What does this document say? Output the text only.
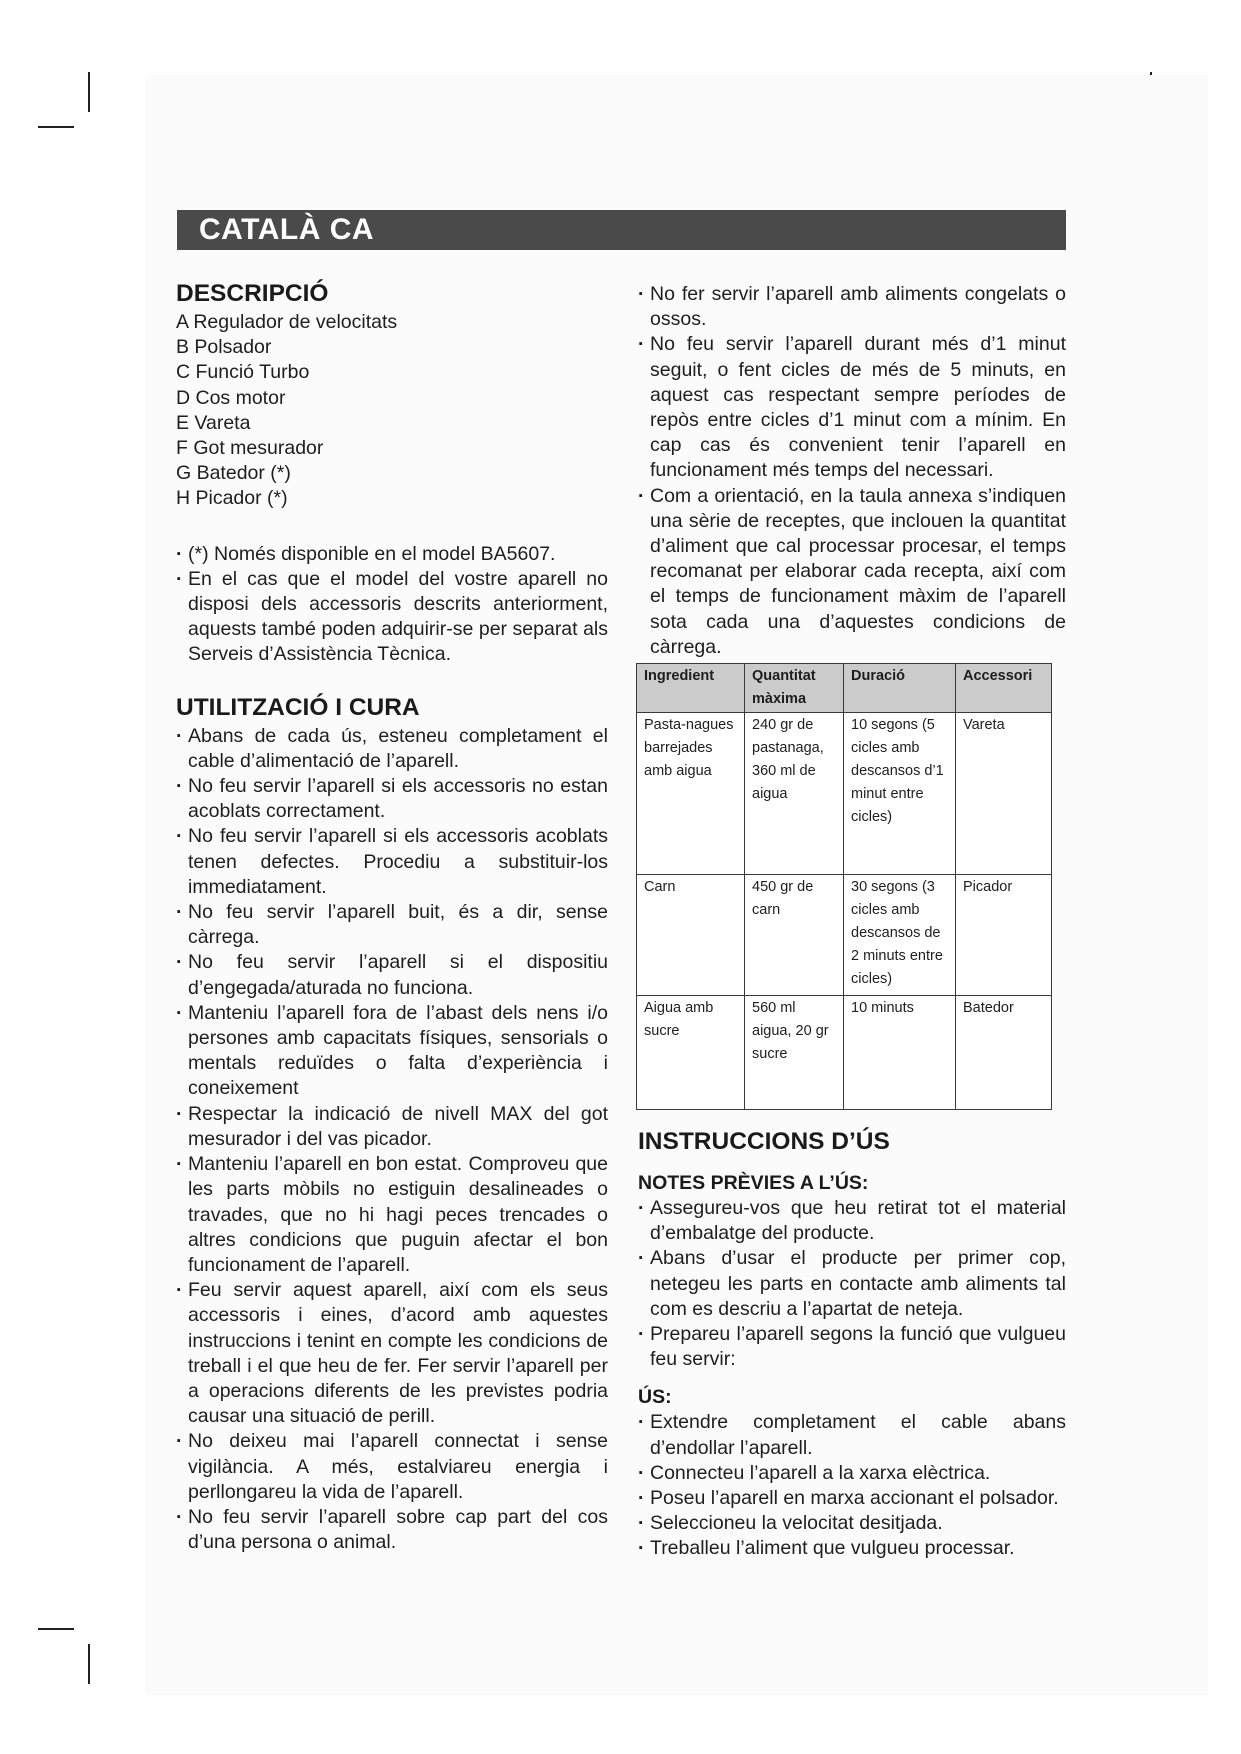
CATALÀ CA
DESCRIPCIÓ
A Regulador de velocitats
B Polsador
C Funció Turbo
D Cos motor
E Vareta
F Got mesurador
G Batedor (*)
H Picador (*)
· (*) Només disponible en el model BA5607.
· En el cas que el model del vostre aparell no disposi dels accessoris descrits anteriorment, aquests també poden adquirir-se per separat als Serveis d’Assistència Tècnica.
UTILITZACIÓ I CURA
· Abans de cada ús, esteneu completament el cable d’alimentació de l’aparell.
· No feu servir l’aparell si els accessoris no estan acoblats correctament.
· No feu servir l’aparell si els accessoris acoblats tenen defectes. Procediu a substituir-los immediatament.
· No feu servir l’aparell buit, és a dir, sense càrrega.
· No feu servir l’aparell si el dispositiu d’engegada/aturada no funciona.
· Manteniu l’aparell fora de l’abast dels nens i/o persones amb capacitats físiques, sensorials o mentals reduïdes o falta d’experiència i coneixement
· Respectar la indicació de nivell MAX del got mesurador i del vas picador.
· Manteniu l’aparell en bon estat. Comproveu que les parts mòbils no estiguin desalineades o travades, que no hi hagi peces trencades o altres condicions que puguin afectar el bon funcionament de l’aparell.
· Feu servir aquest aparell, així com els seus accessoris i eines, d’acord amb aquestes instruccions i tenint en compte les condicions de treball i el que heu de fer. Fer servir l’aparell per a operacions diferents de les previstes podria causar una situació de perill.
· No deixeu mai l’aparell connectat i sense vigilància. A més, estalviareu energia i perllongareu la vida de l’aparell.
· No feu servir l’aparell sobre cap part del cos d’una persona o animal.
· No fer servir l’aparell amb aliments congelats o ossos.
· No feu servir l’aparell durant més d’1 minut seguit, o fent cicles de més de 5 minuts, en aquest cas respectant sempre períodes de repòs entre cicles d’1 minut com a mínim. En cap cas és convenient tenir l’aparell en funcionament més temps del necessari.
· Com a orientació, en la taula annexa s’indiquen una sèrie de receptes, que inclouen la quantitat d’aliment que cal processar procesar, el temps recomanat per elaborar cada recepta, així com el temps de funcionament màxim de l’aparell sota cada una d’aquestes condicions de càrrega.
Ingredient	Quantitat màxima	Duració	Accessori
Pasta-nagues barrejades amb aigua	240 gr de pastanaga, 360 ml de aigua	10 segons (5 cicles amb descansos d’1 minut entre cicles)	Vareta
Carn	450 gr de carn	30 segons (3 cicles amb descansos de 2 minuts entre cicles)	Picador
Aigua amb sucre	560 ml aigua, 20 gr sucre	10 minuts	Batedor
INSTRUCCIONS D’ÚS
NOTES PRÈVIES A L’ÚS:
· Assegureu-vos que heu retirat tot el material d’embalatge del producte.
· Abans d’usar el producte per primer cop, netegeu les parts en contacte amb aliments tal com es descriu a l’apartat de neteja.
· Prepareu l’aparell segons la funció que vulgueu feu servir:
ÚS:
· Extendre completament el cable abans d’endollar l’aparell.
· Connecteu l’aparell a la xarxa elèctrica.
· Poseu l’aparell en marxa accionant el polsador.
· Seleccioneu la velocitat desitjada.
· Treballeu l’aliment que vulgueu processar.
